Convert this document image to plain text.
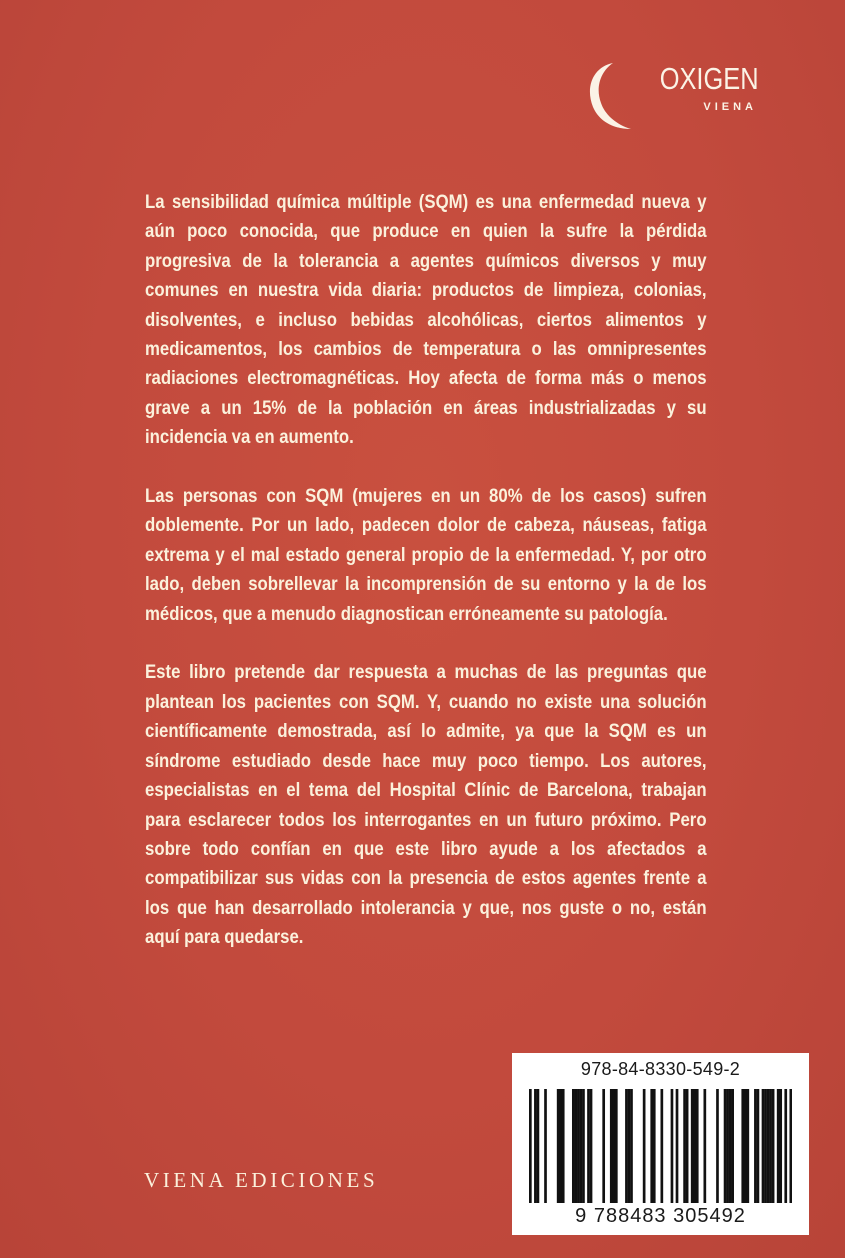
OXIGEN
VIENA

La sensibilidad química múltiple (SQM) es una enfermedad nueva y aún poco conocida, que produce en quien la sufre la pérdida progresiva de la tolerancia a agentes químicos diversos y muy comunes en nuestra vida diaria: productos de limpieza, colonias, disolventes, e incluso bebidas alcohólicas, ciertos alimentos y medicamentos, los cambios de temperatura o las omnipresentes radiaciones electromagnéticas. Hoy afecta de forma más o menos grave a un 15% de la población en áreas industrializadas y su incidencia va en aumento.

Las personas con SQM (mujeres en un 80% de los casos) sufren doblemente. Por un lado, padecen dolor de cabeza, náuseas, fatiga extrema y el mal estado general propio de la enfermedad. Y, por otro lado, deben sobrellevar la incomprensión de su entorno y la de los médicos, que a menudo diagnostican erróneamente su patología.

Este libro pretende dar respuesta a muchas de las preguntas que plantean los pacientes con SQM. Y, cuando no existe una solución científicamente demostrada, así lo admite, ya que la SQM es un síndrome estudiado desde hace muy poco tiempo. Los autores, especialistas en el tema del Hospital Clínic de Barcelona, trabajan para esclarecer todos los interrogantes en un futuro próximo. Pero sobre todo confían en que este libro ayude a los afectados a compatibilizar sus vidas con la presencia de estos agentes frente a los que han desarrollado intolerancia y que, nos guste o no, están aquí para quedarse.

VIENA EDICIONES
978-84-8330-549-2
9 788483 305492
